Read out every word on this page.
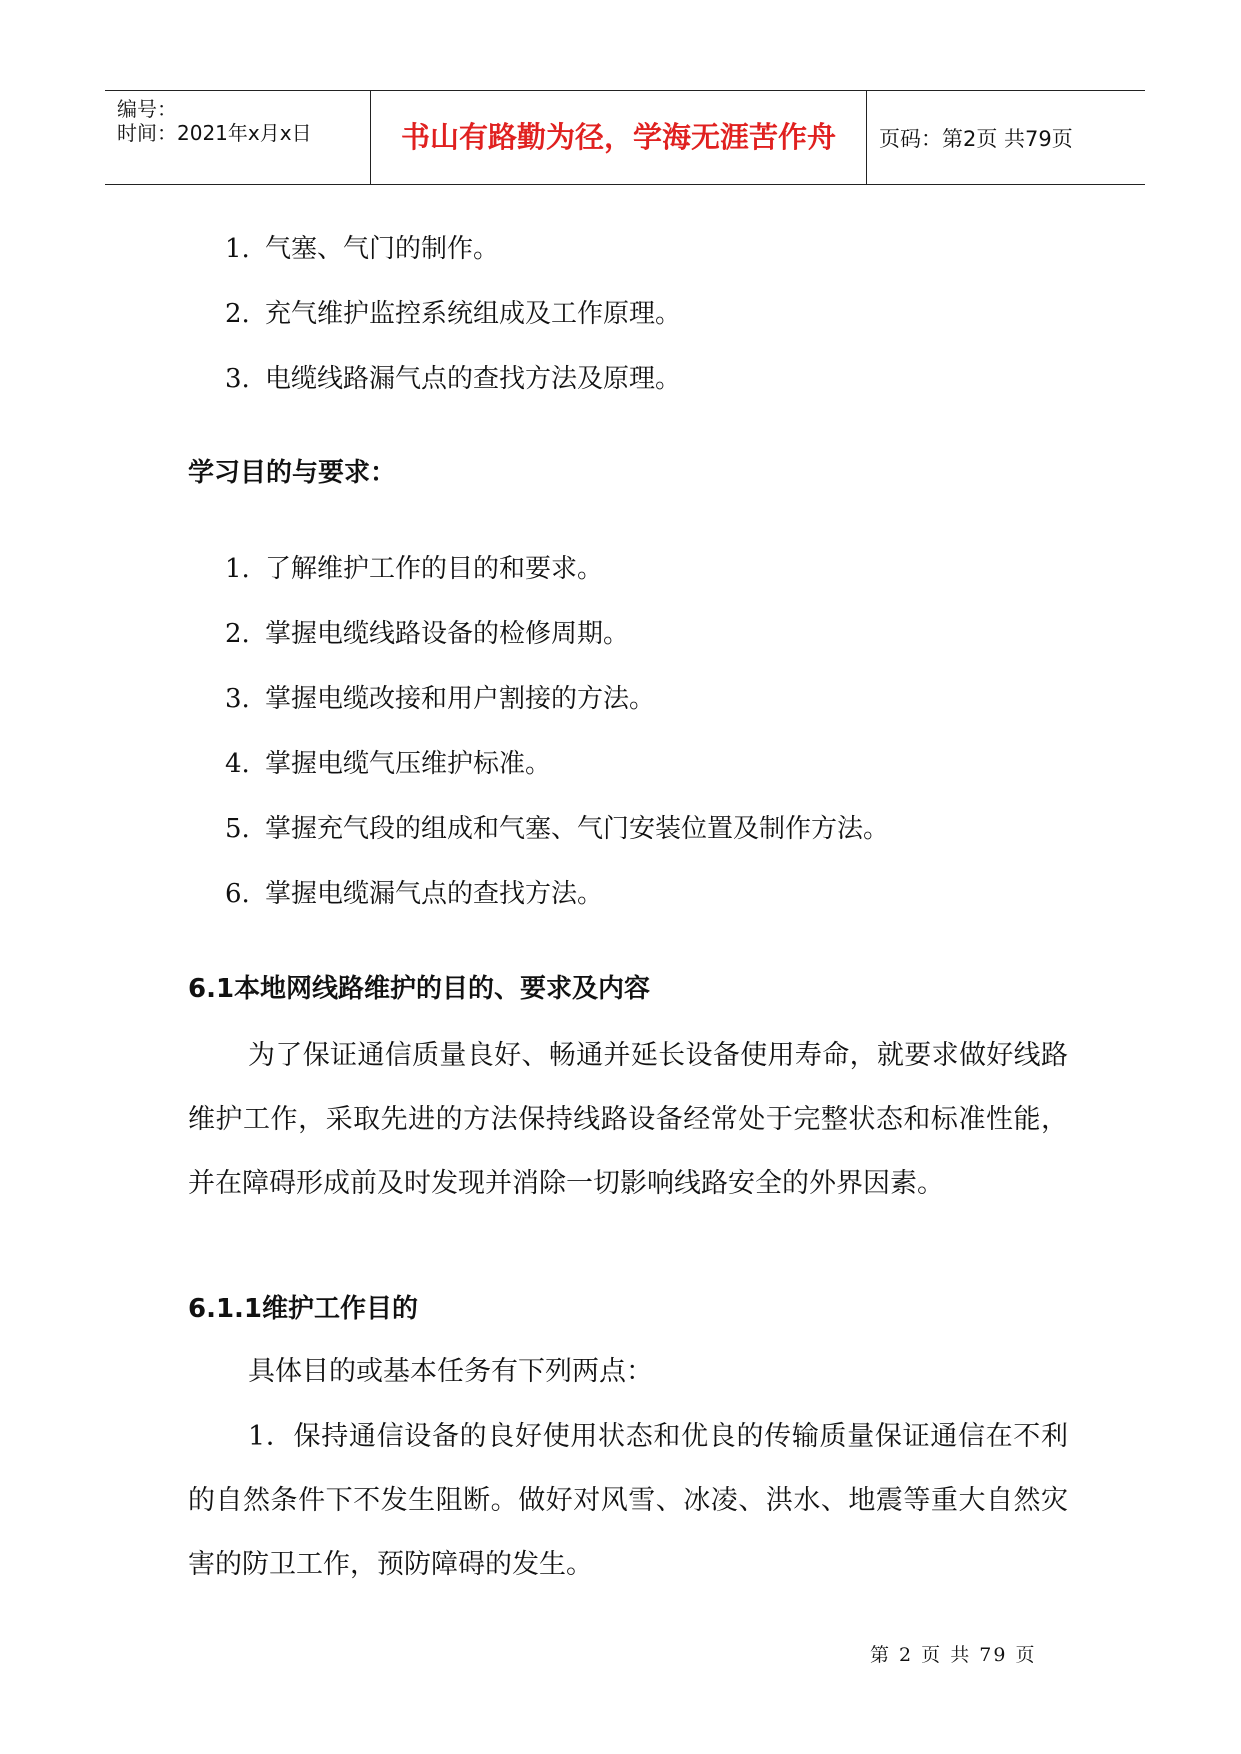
编号：
时间：2021年x月x日	书山有路勤为径，学海无涯苦作舟	页码：第2页 共79页
1. 气塞、气门的制作。
2. 充气维护监控系统组成及工作原理。
3. 电缆线路漏气点的查找方法及原理。
学习目的与要求：
1. 了解维护工作的目的和要求。
2. 掌握电缆线路设备的检修周期。
3. 掌握电缆改接和用户割接的方法。
4. 掌握电缆气压维护标准。
5. 掌握充气段的组成和气塞、气门安装位置及制作方法。
6. 掌握电缆漏气点的查找方法。
6.1本地网线路维护的目的、要求及内容
为了保证通信质量良好、畅通并延长设备使用寿命，就要求做好线路维护工作，采取先进的方法保持线路设备经常处于完整状态和标准性能，并在障碍形成前及时发现并消除一切影响线路安全的外界因素。
6.1.1维护工作目的
具体目的或基本任务有下列两点：
1．保持通信设备的良好使用状态和优良的传输质量保证通信在不利的自然条件下不发生阻断。做好对风雪、冰凌、洪水、地震等重大自然灾害的防卫工作，预防障碍的发生。
第 2 页 共 79 页
